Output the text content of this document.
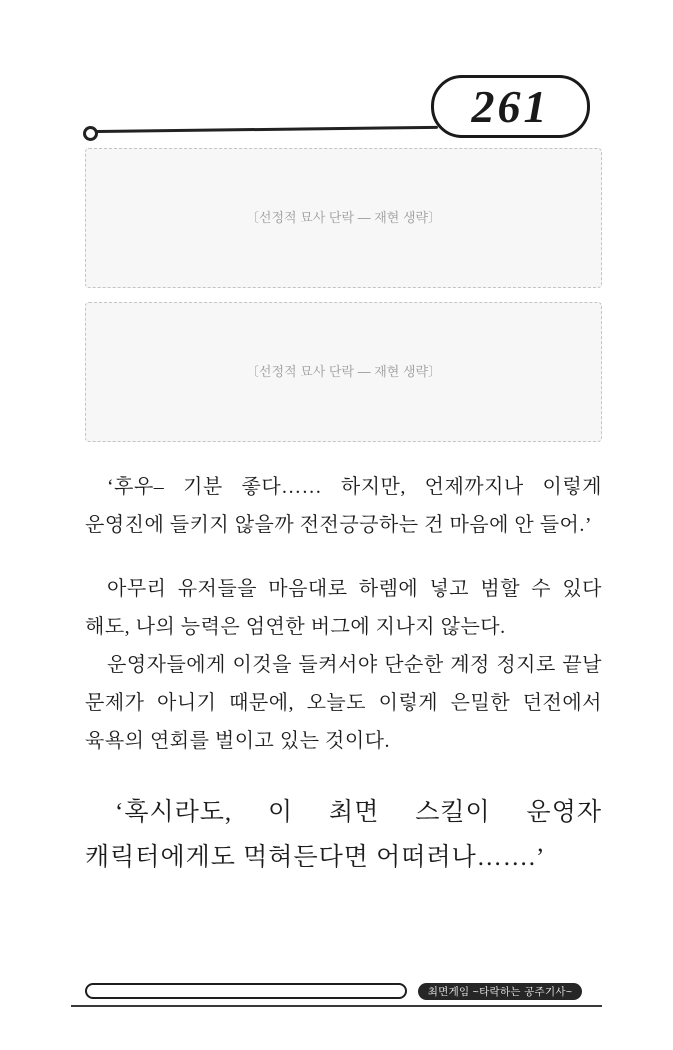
261

〔선정적 묘사 단락 — 재현 생략〕

〔선정적 묘사 단락 — 재현 생략〕

‘후우– 기분 좋다…… 하지만, 언제까지나 이렇게 운영진에 들키지 않을까 전전긍긍하는 건 마음에 안 들어.’

아무리 유저들을 마음대로 하렘에 넣고 범할 수 있다 해도, 나의 능력은 엄연한 버그에 지나지 않는다.

운영자들에게 이것을 들켜서야 단순한 계정 정지로 끝날 문제가 아니기 때문에, 오늘도 이렇게 은밀한 던전에서 육욕의 연회를 벌이고 있는 것이다.

‘혹시라도, 이 최면 스킬이 운영자 캐릭터에게도 먹혀든다면 어떠려나…….’

최면게임 ~타락하는 공주기사~
